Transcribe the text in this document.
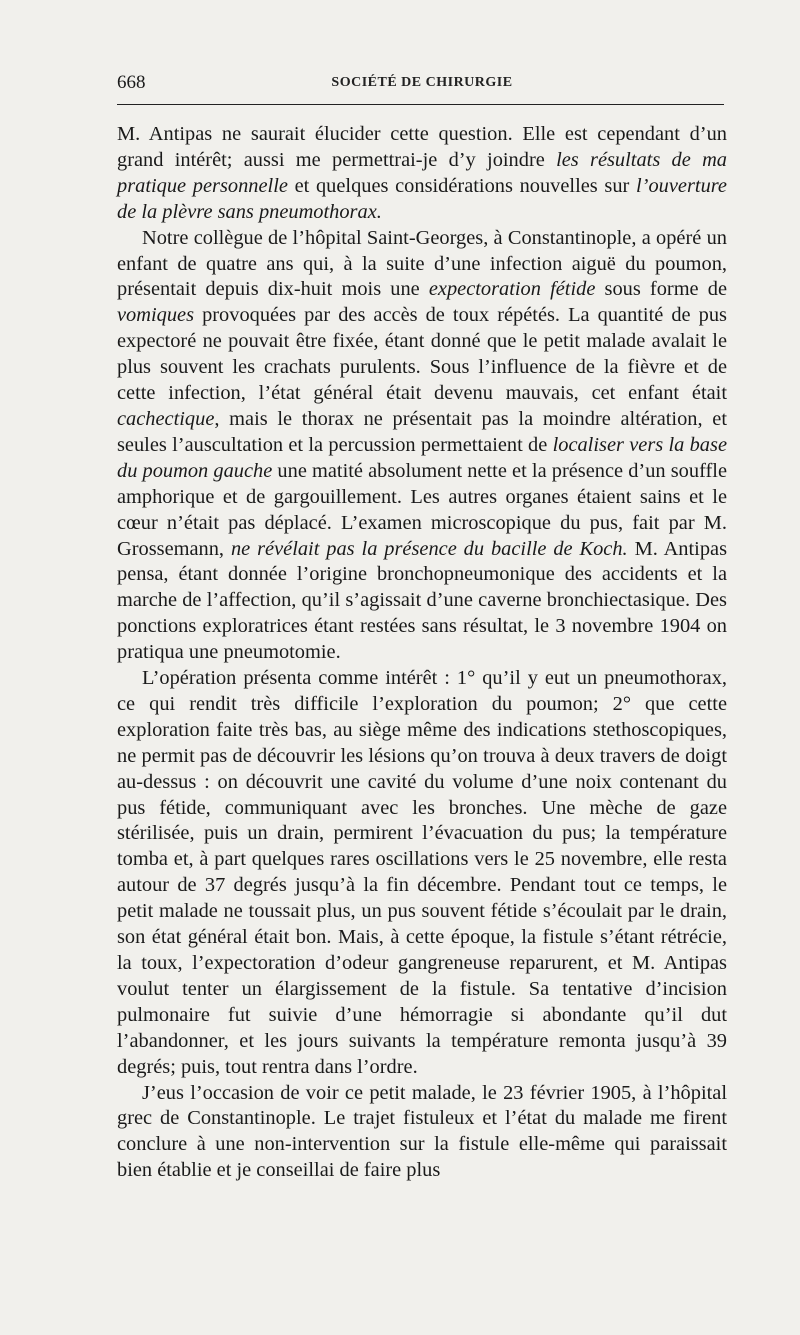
668	SOCIÉTÉ DE CHIRURGIE

M. Antipas ne saurait élucider cette question. Elle est cependant d’un grand intérêt; aussi me permettrai-je d’y joindre les résultats de ma pratique personnelle et quelques considérations nouvelles sur l’ouverture de la plèvre sans pneumothorax.

Notre collègue de l’hôpital Saint-Georges, à Constantinople, a opéré un enfant de quatre ans qui, à la suite d’une infection aiguë du poumon, présentait depuis dix-huit mois une expectoration fétide sous forme de vomiques provoquées par des accès de toux répétés. La quantité de pus expectoré ne pouvait être fixée, étant donné que le petit malade avalait le plus souvent les crachats purulents. Sous l’influence de la fièvre et de cette infection, l’état général était devenu mauvais, cet enfant était cachectique, mais le thorax ne présentait pas la moindre altération, et seules l’auscultation et la percussion permettaient de localiser vers la base du poumon gauche une matité absolument nette et la présence d’un souffle amphorique et de gargouillement. Les autres organes étaient sains et le cœur n’était pas déplacé. L’examen microscopique du pus, fait par M. Grossemann, ne révélait pas la présence du bacille de Koch. M. Antipas pensa, étant donnée l’origine bronchopneumonique des accidents et la marche de l’affection, qu’il s’agissait d’une caverne bronchiectasique. Des ponctions exploratrices étant restées sans résultat, le 3 novembre 1904 on pratiqua une pneumotomie.

L’opération présenta comme intérêt : 1° qu’il y eut un pneumothorax, ce qui rendit très difficile l’exploration du poumon; 2° que cette exploration faite très bas, au siège même des indications stethoscopiques, ne permit pas de découvrir les lésions qu’on trouva à deux travers de doigt au-dessus : on découvrit une cavité du volume d’une noix contenant du pus fétide, communiquant avec les bronches. Une mèche de gaze stérilisée, puis un drain, permirent l’évacuation du pus; la température tomba et, à part quelques rares oscillations vers le 25 novembre, elle resta autour de 37 degrés jusqu’à la fin décembre. Pendant tout ce temps, le petit malade ne toussait plus, un pus souvent fétide s’écoulait par le drain, son état général était bon. Mais, à cette époque, la fistule s’étant rétrécie, la toux, l’expectoration d’odeur gangreneuse reparurent, et M. Antipas voulut tenter un élargissement de la fistule. Sa tentative d’incision pulmonaire fut suivie d’une hémorragie si abondante qu’il dut l’abandonner, et les jours suivants la température remonta jusqu’à 39 degrés; puis, tout rentra dans l’ordre.

J’eus l’occasion de voir ce petit malade, le 23 février 1905, à l’hôpital grec de Constantinople. Le trajet fistuleux et l’état du malade me firent conclure à une non-intervention sur la fistule elle-même qui paraissait bien établie et je conseillai de faire plus
